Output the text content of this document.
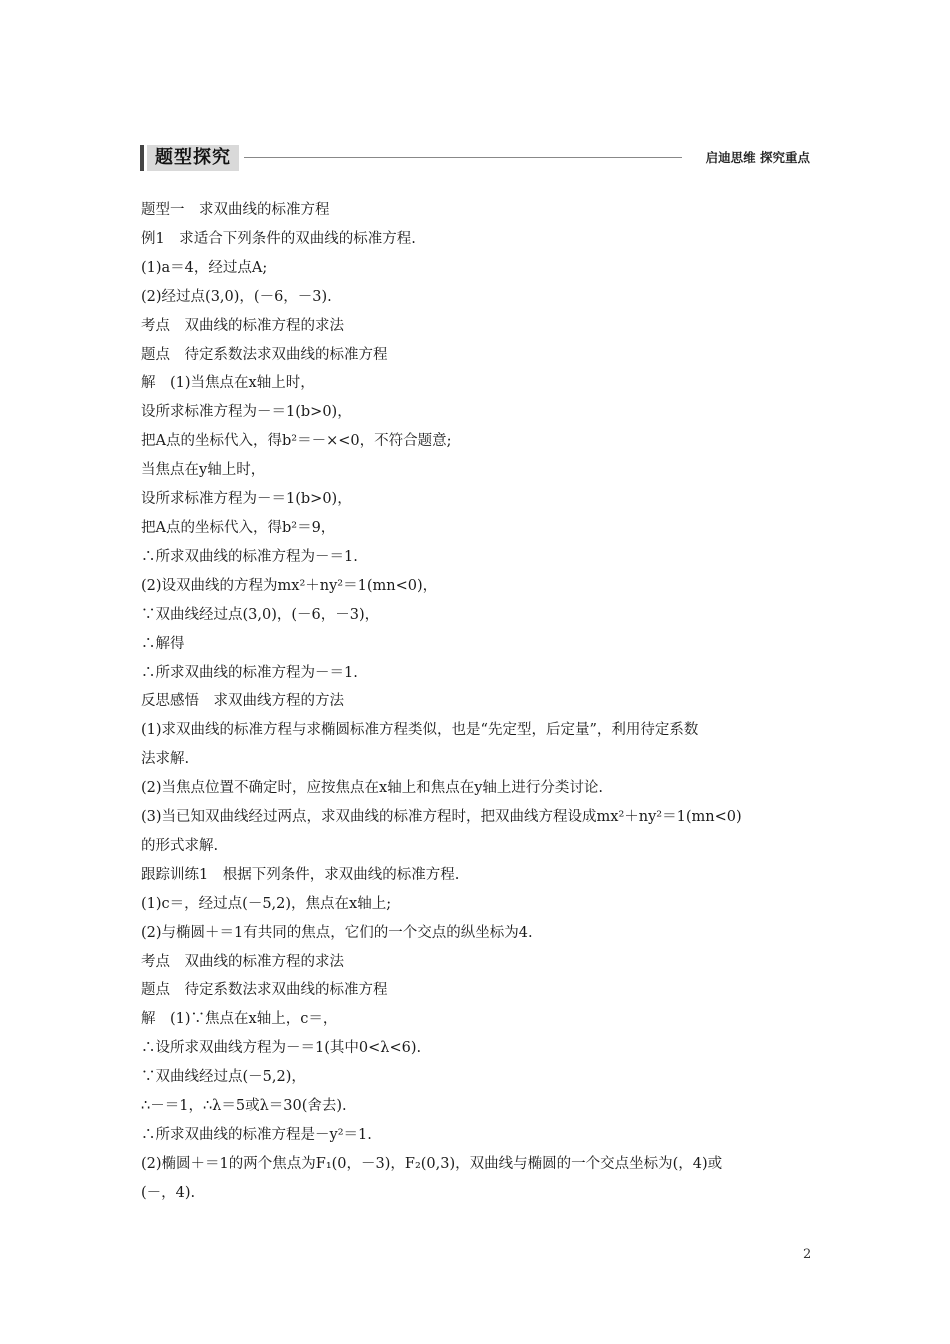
题型探究	启迪思维 探究重点

题型一　求双曲线的标准方程

例1　求适合下列条件的双曲线的标准方程.

(1)a＝4，经过点A;

(2)经过点(3,0)，(－6，－3).

考点　双曲线的标准方程的求法

题点　待定系数法求双曲线的标准方程

解　(1)当焦点在x轴上时，

设所求标准方程为－＝1(b>0)，

把A点的坐标代入，得b²＝－×<0，不符合题意;

当焦点在y轴上时，

设所求标准方程为－＝1(b>0)，

把A点的坐标代入，得b²＝9，

∴所求双曲线的标准方程为－＝1.

(2)设双曲线的方程为mx²＋ny²＝1(mn<0)，

∵双曲线经过点(3,0)，(－6，－3)，

∴解得

∴所求双曲线的标准方程为－＝1.

反思感悟　求双曲线方程的方法

(1)求双曲线的标准方程与求椭圆标准方程类似，也是“先定型，后定量”，利用待定系数

法求解.

(2)当焦点位置不确定时，应按焦点在x轴上和焦点在y轴上进行分类讨论.

(3)当已知双曲线经过两点，求双曲线的标准方程时，把双曲线方程设成mx²＋ny²＝1(mn<0)

的形式求解.

跟踪训练1　根据下列条件，求双曲线的标准方程.

(1)c＝，经过点(－5,2)，焦点在x轴上;

(2)与椭圆＋＝1有共同的焦点，它们的一个交点的纵坐标为4.

考点　双曲线的标准方程的求法

题点　待定系数法求双曲线的标准方程

解　(1)∵焦点在x轴上，c＝，

∴设所求双曲线方程为－＝1(其中0<λ<6).

∵双曲线经过点(－5,2)，

∴－＝1，∴λ＝5或λ＝30(舍去).

∴所求双曲线的标准方程是－y²＝1.

(2)椭圆＋＝1的两个焦点为F₁(0，－3)，F₂(0,3)，双曲线与椭圆的一个交点坐标为(，4)或

(－，4).

2
